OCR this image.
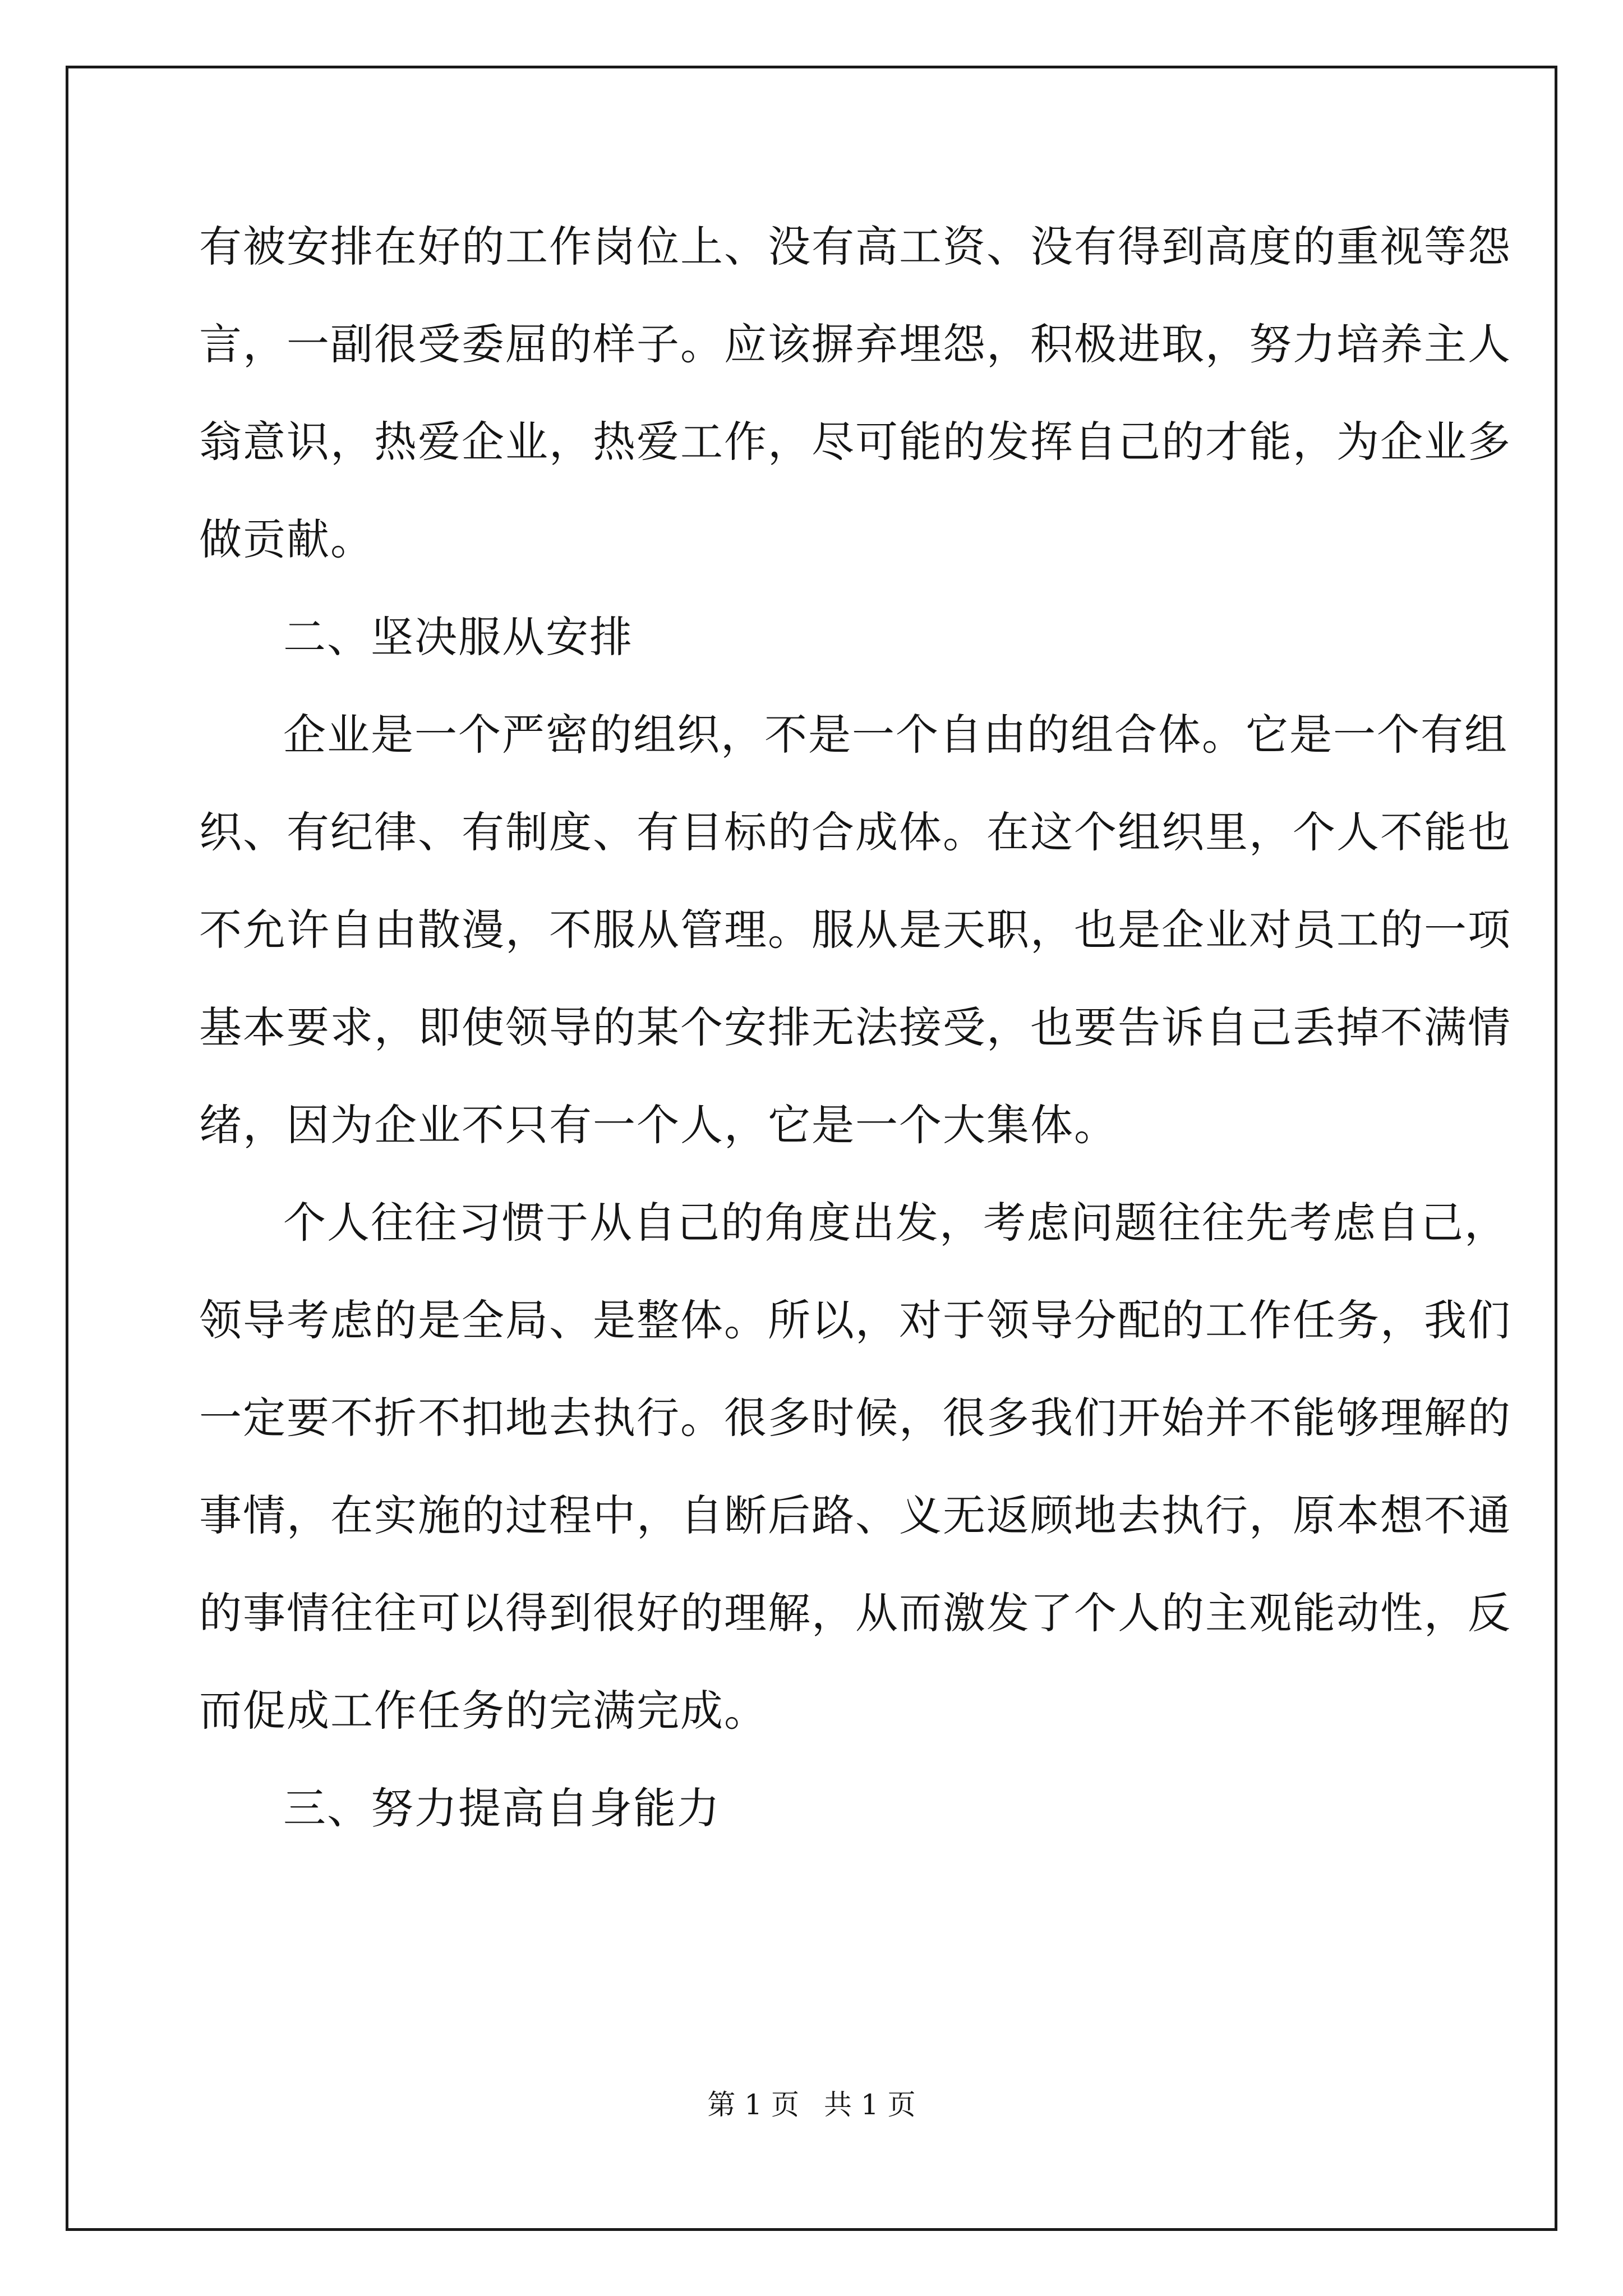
有被安排在好的工作岗位上、没有高工资、没有得到高度的重视等怨
言，一副很受委屈的样子。应该摒弃埋怨，积极进取，努力培养主人
翁意识，热爱企业，热爱工作，尽可能的发挥自己的才能，为企业多
做贡献。
二、坚决服从安排
企业是一个严密的组织，不是一个自由的组合体。它是一个有组
织、有纪律、有制度、有目标的合成体。在这个组织里，个人不能也
不允许自由散漫，不服从管理。服从是天职，也是企业对员工的一项
基本要求，即使领导的某个安排无法接受，也要告诉自己丢掉不满情
绪，因为企业不只有一个人，它是一个大集体。
个人往往习惯于从自己的角度出发，考虑问题往往先考虑自己，
领导考虑的是全局、是整体。所以，对于领导分配的工作任务，我们
一定要不折不扣地去执行。很多时候，很多我们开始并不能够理解的
事情，在实施的过程中，自断后路、义无返顾地去执行，原本想不通
的事情往往可以得到很好的理解，从而激发了个人的主观能动性，反
而促成工作任务的完满完成。
三、努力提高自身能力
第 1 页 共 1 页
